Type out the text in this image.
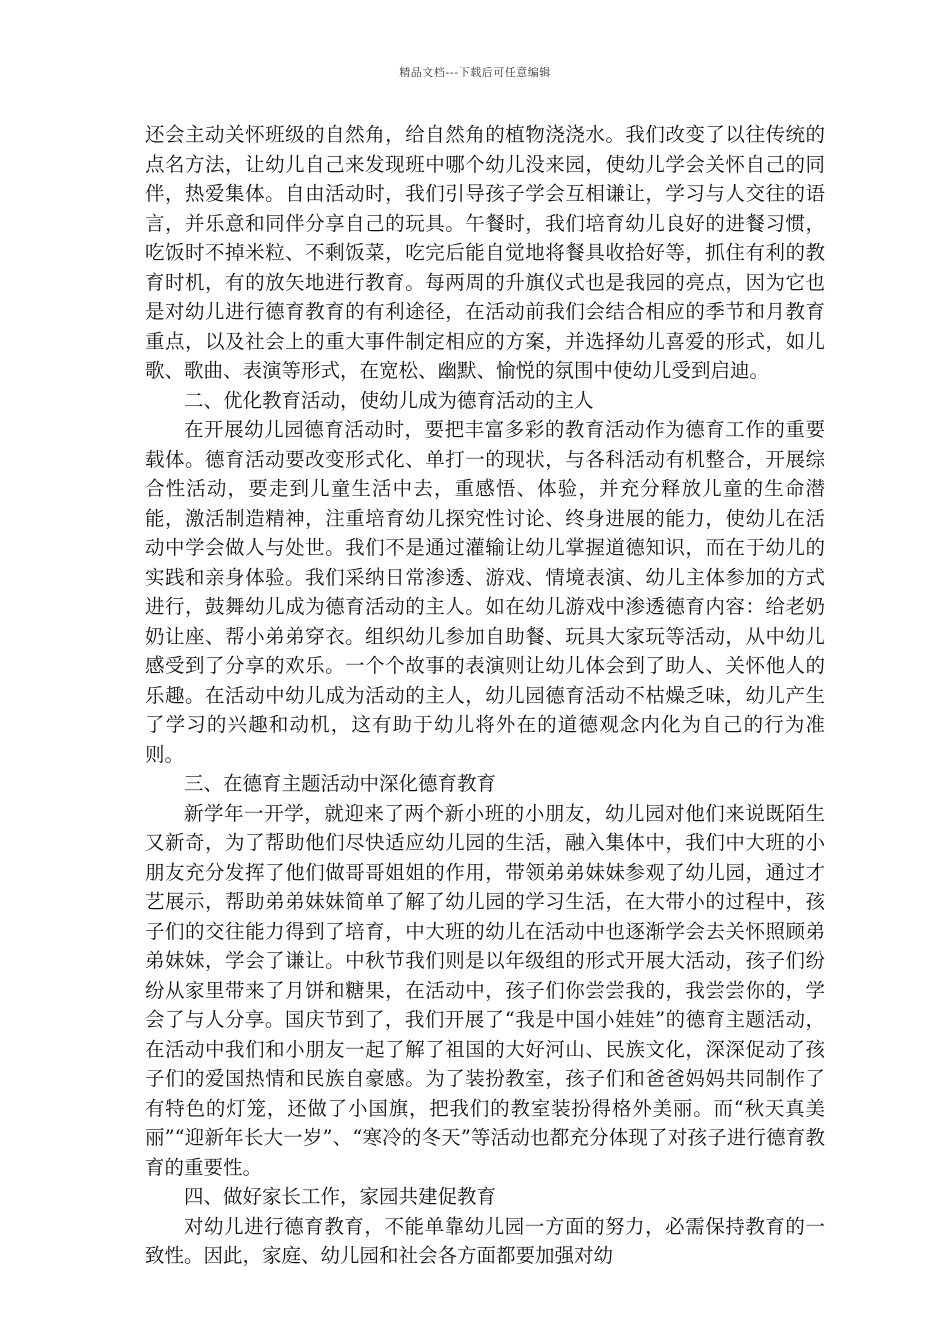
精品文档---下载后可任意编辑

还会主动关怀班级的自然角，给自然角的植物浇浇水。我们改变了以往传统的点名方法，让幼儿自己来发现班中哪个幼儿没来园，使幼儿学会关怀自己的同伴，热爱集体。自由活动时，我们引导孩子学会互相谦让，学习与人交往的语言，并乐意和同伴分享自己的玩具。午餐时，我们培育幼儿良好的进餐习惯，吃饭时不掉米粒、不剩饭菜，吃完后能自觉地将餐具收拾好等，抓住有利的教育时机，有的放矢地进行教育。每两周的升旗仪式也是我园的亮点，因为它也是对幼儿进行德育教育的有利途径，在活动前我们会结合相应的季节和月教育重点，以及社会上的重大事件制定相应的方案，并选择幼儿喜爱的形式，如儿歌、歌曲、表演等形式，在宽松、幽默、愉悦的氛围中使幼儿受到启迪。

二、优化教育活动，使幼儿成为德育活动的主人

在开展幼儿园德育活动时，要把丰富多彩的教育活动作为德育工作的重要载体。德育活动要改变形式化、单打一的现状，与各科活动有机整合，开展综合性活动，要走到儿童生活中去，重感悟、体验，并充分释放儿童的生命潜能，激活制造精神，注重培育幼儿探究性讨论、终身进展的能力，使幼儿在活动中学会做人与处世。我们不是通过灌输让幼儿掌握道德知识，而在于幼儿的实践和亲身体验。我们采纳日常渗透、游戏、情境表演、幼儿主体参加的方式进行，鼓舞幼儿成为德育活动的主人。如在幼儿游戏中渗透德育内容：给老奶奶让座、帮小弟弟穿衣。组织幼儿参加自助餐、玩具大家玩等活动，从中幼儿感受到了分享的欢乐。一个个故事的表演则让幼儿体会到了助人、关怀他人的乐趣。在活动中幼儿成为活动的主人，幼儿园德育活动不枯燥乏味，幼儿产生了学习的兴趣和动机，这有助于幼儿将外在的道德观念内化为自己的行为准则。

三、在德育主题活动中深化德育教育

新学年一开学，就迎来了两个新小班的小朋友，幼儿园对他们来说既陌生又新奇，为了帮助他们尽快适应幼儿园的生活，融入集体中，我们中大班的小朋友充分发挥了他们做哥哥姐姐的作用，带领弟弟妹妹参观了幼儿园，通过才艺展示，帮助弟弟妹妹简单了解了幼儿园的学习生活，在大带小的过程中，孩子们的交往能力得到了培育，中大班的幼儿在活动中也逐渐学会去关怀照顾弟弟妹妹，学会了谦让。中秋节我们则是以年级组的形式开展大活动，孩子们纷纷从家里带来了月饼和糖果，在活动中，孩子们你尝尝我的，我尝尝你的，学会了与人分享。国庆节到了，我们开展了“我是中国小娃娃”的德育主题活动，在活动中我们和小朋友一起了解了祖国的大好河山、民族文化，深深促动了孩子们的爱国热情和民族自豪感。为了装扮教室，孩子们和爸爸妈妈共同制作了有特色的灯笼，还做了小国旗，把我们的教室装扮得格外美丽。而“秋天真美丽”“迎新年长大一岁”、“寒冷的冬天”等活动也都充分体现了对孩子进行德育教育的重要性。

四、做好家长工作，家园共建促教育

对幼儿进行德育教育，不能单靠幼儿园一方面的努力，必需保持教育的一致性。因此，家庭、幼儿园和社会各方面都要加强对幼
